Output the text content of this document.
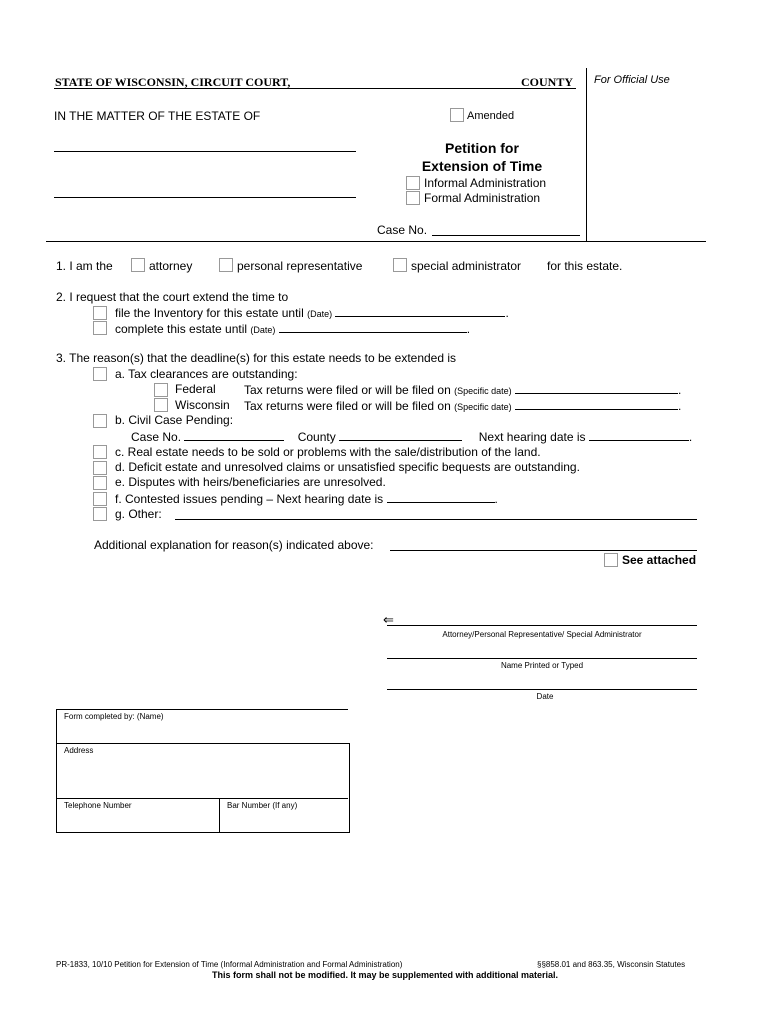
STATE OF WISCONSIN, CIRCUIT COURT,	COUNTY For Official Use
IN THE MATTER OF THE ESTATE OF	Amended
Petition for
Extension of Time
Informal Administration
Formal Administration
Case No.
1. I am the	attorney	personal representative	special administrator for this estate.
2. I request that the court extend the time to
file the Inventory for this estate until (Date)	.
complete this estate until (Date)	.
3. The reason(s) that the deadline(s) for this estate needs to be extended is
a. Tax clearances are outstanding:
Federal Tax returns were filed or will be filed on (Specific date)	.
Wisconsin Tax returns were filed or will be filed on (Specific date)	.
b. Civil Case Pending:
Case No.	County	Next hearing date is	.
c. Real estate needs to be sold or problems with the sale/distribution of the land.
d. Deficit estate and unresolved claims or unsatisfied specific bequests are outstanding.
e. Disputes with heirs/beneficiaries are unresolved.
f. Contested issues pending – Next hearing date is	.
g. Other:
Additional explanation for reason(s) indicated above:
See attached
⇐
Attorney/Personal Representative/ Special Administrator
Name Printed or Typed
Date
Form completed by: (Name)
Address
Telephone Number	Bar Number (If any)
PR-1833, 10/10 Petition for Extension of Time (Informal Administration and Formal Administration)	§§858.01 and 863.35, Wisconsin Statutes
This form shall not be modified. It may be supplemented with additional material.
